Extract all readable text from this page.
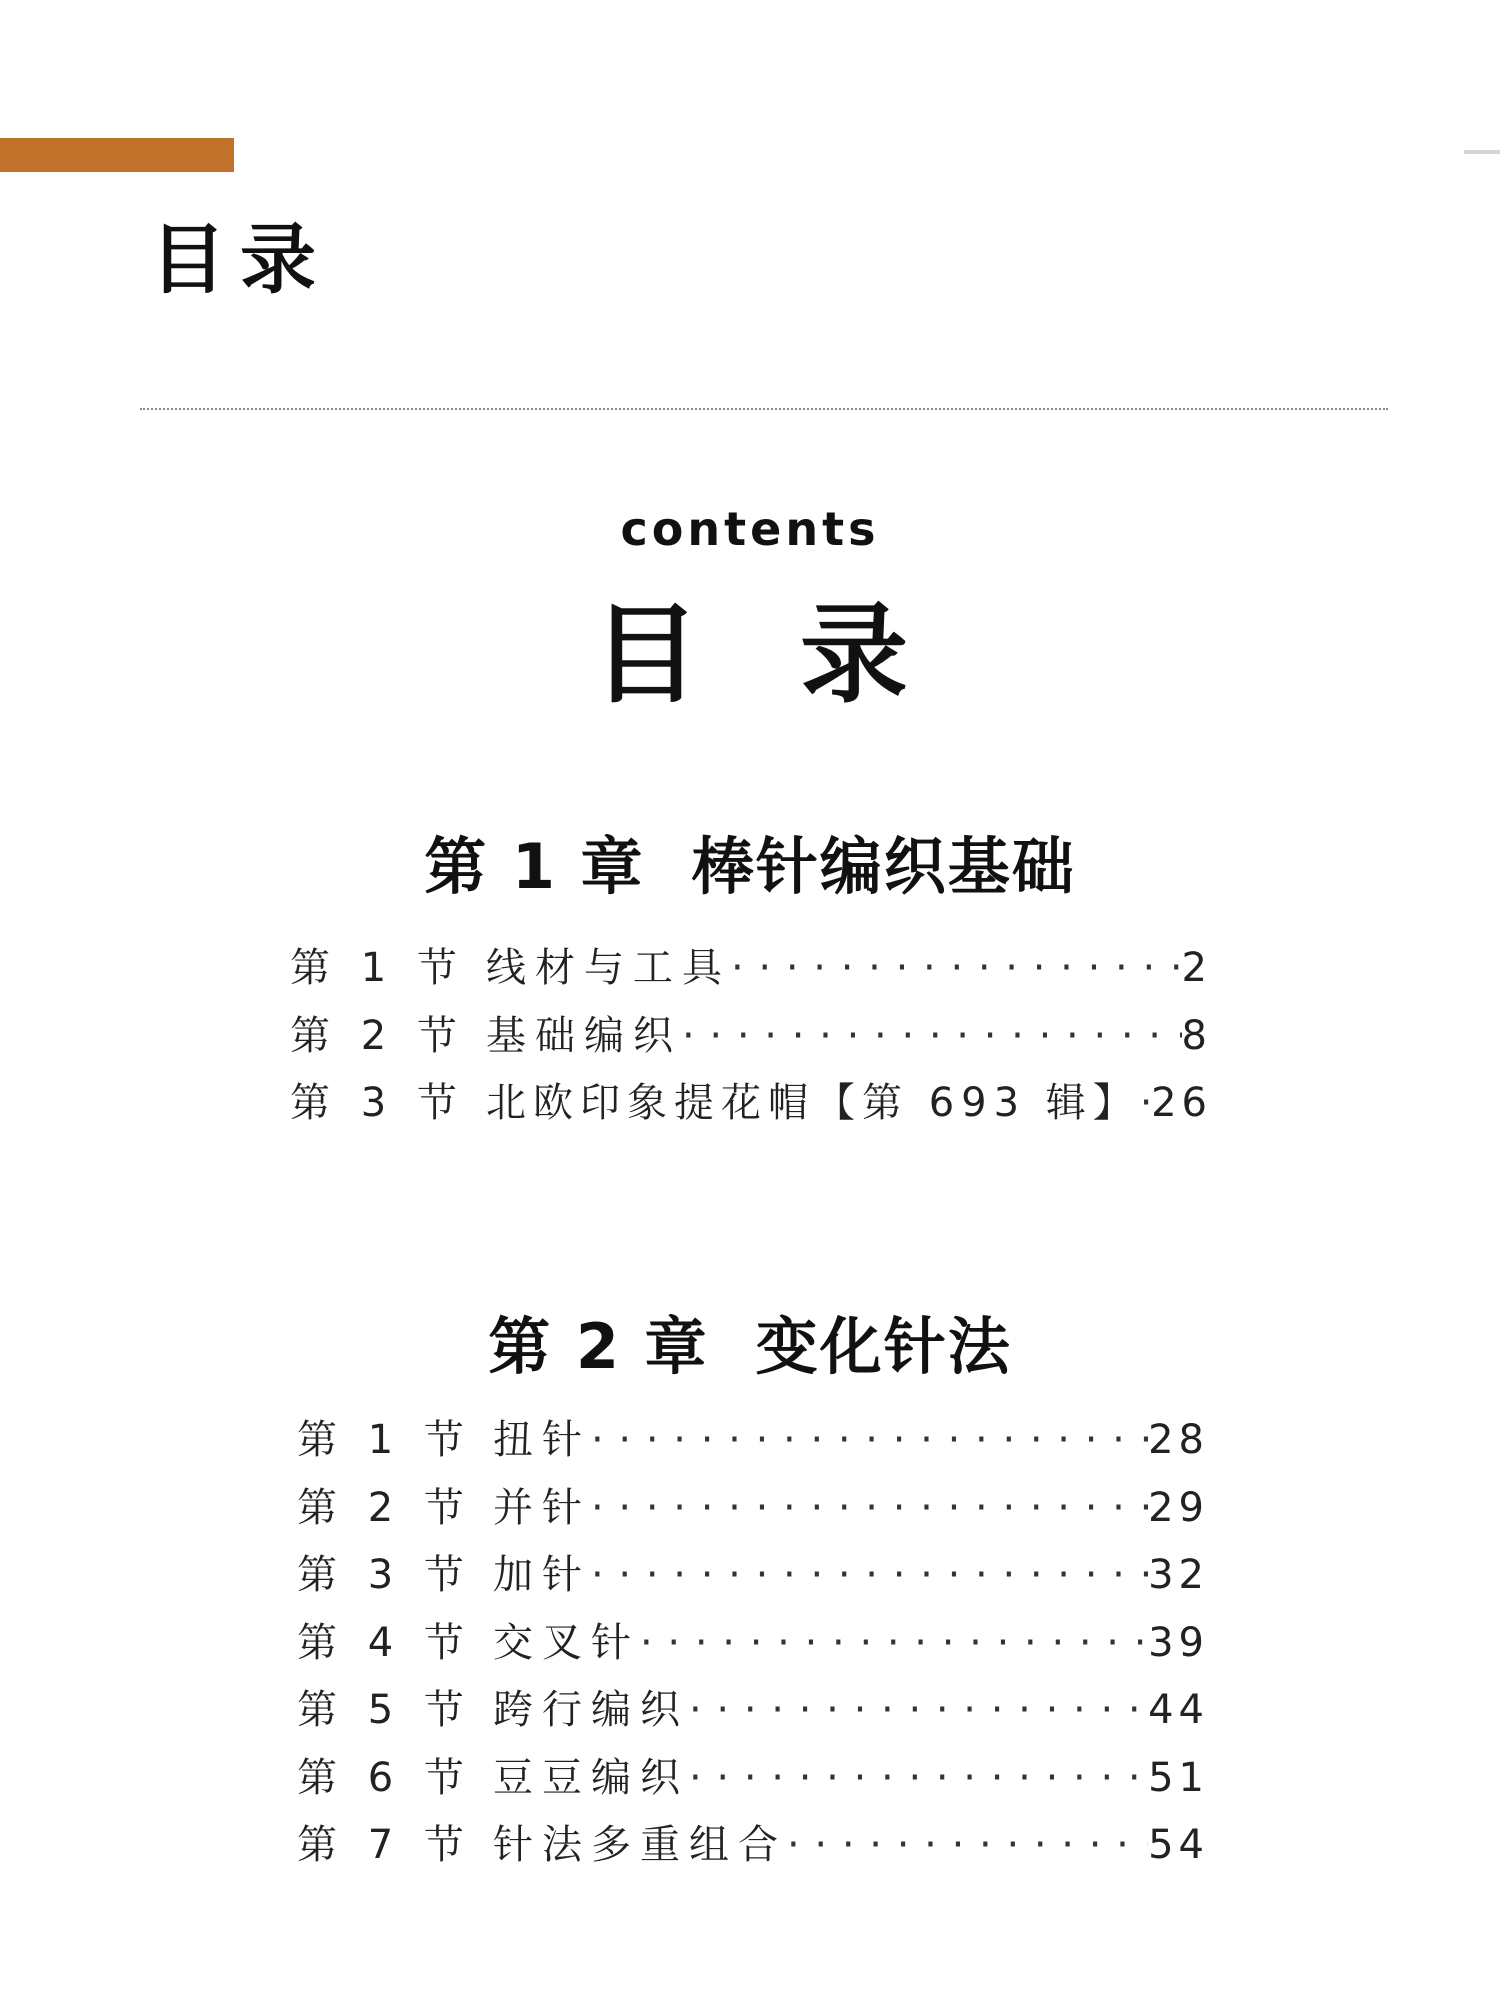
目录
contents
目录
第 1 章  棒针编织基础
第 1 节 线材与工具 · · ·	2
第 2 节 基础编织 · · ·	8
第 3 节 北欧印象提花帽【第 693 辑】 · · · 26
第 2 章  变化针法
第 1 节 扭针 · · ·	28
第 2 节 并针 · · ·	29
第 3 节 加针 · · ·	32
第 4 节 交叉针 · · ·	39
第 5 节 跨行编织 · · ·	44
第 6 节 豆豆编织 · · ·	51
第 7 节 针法多重组合 · · ·	54
